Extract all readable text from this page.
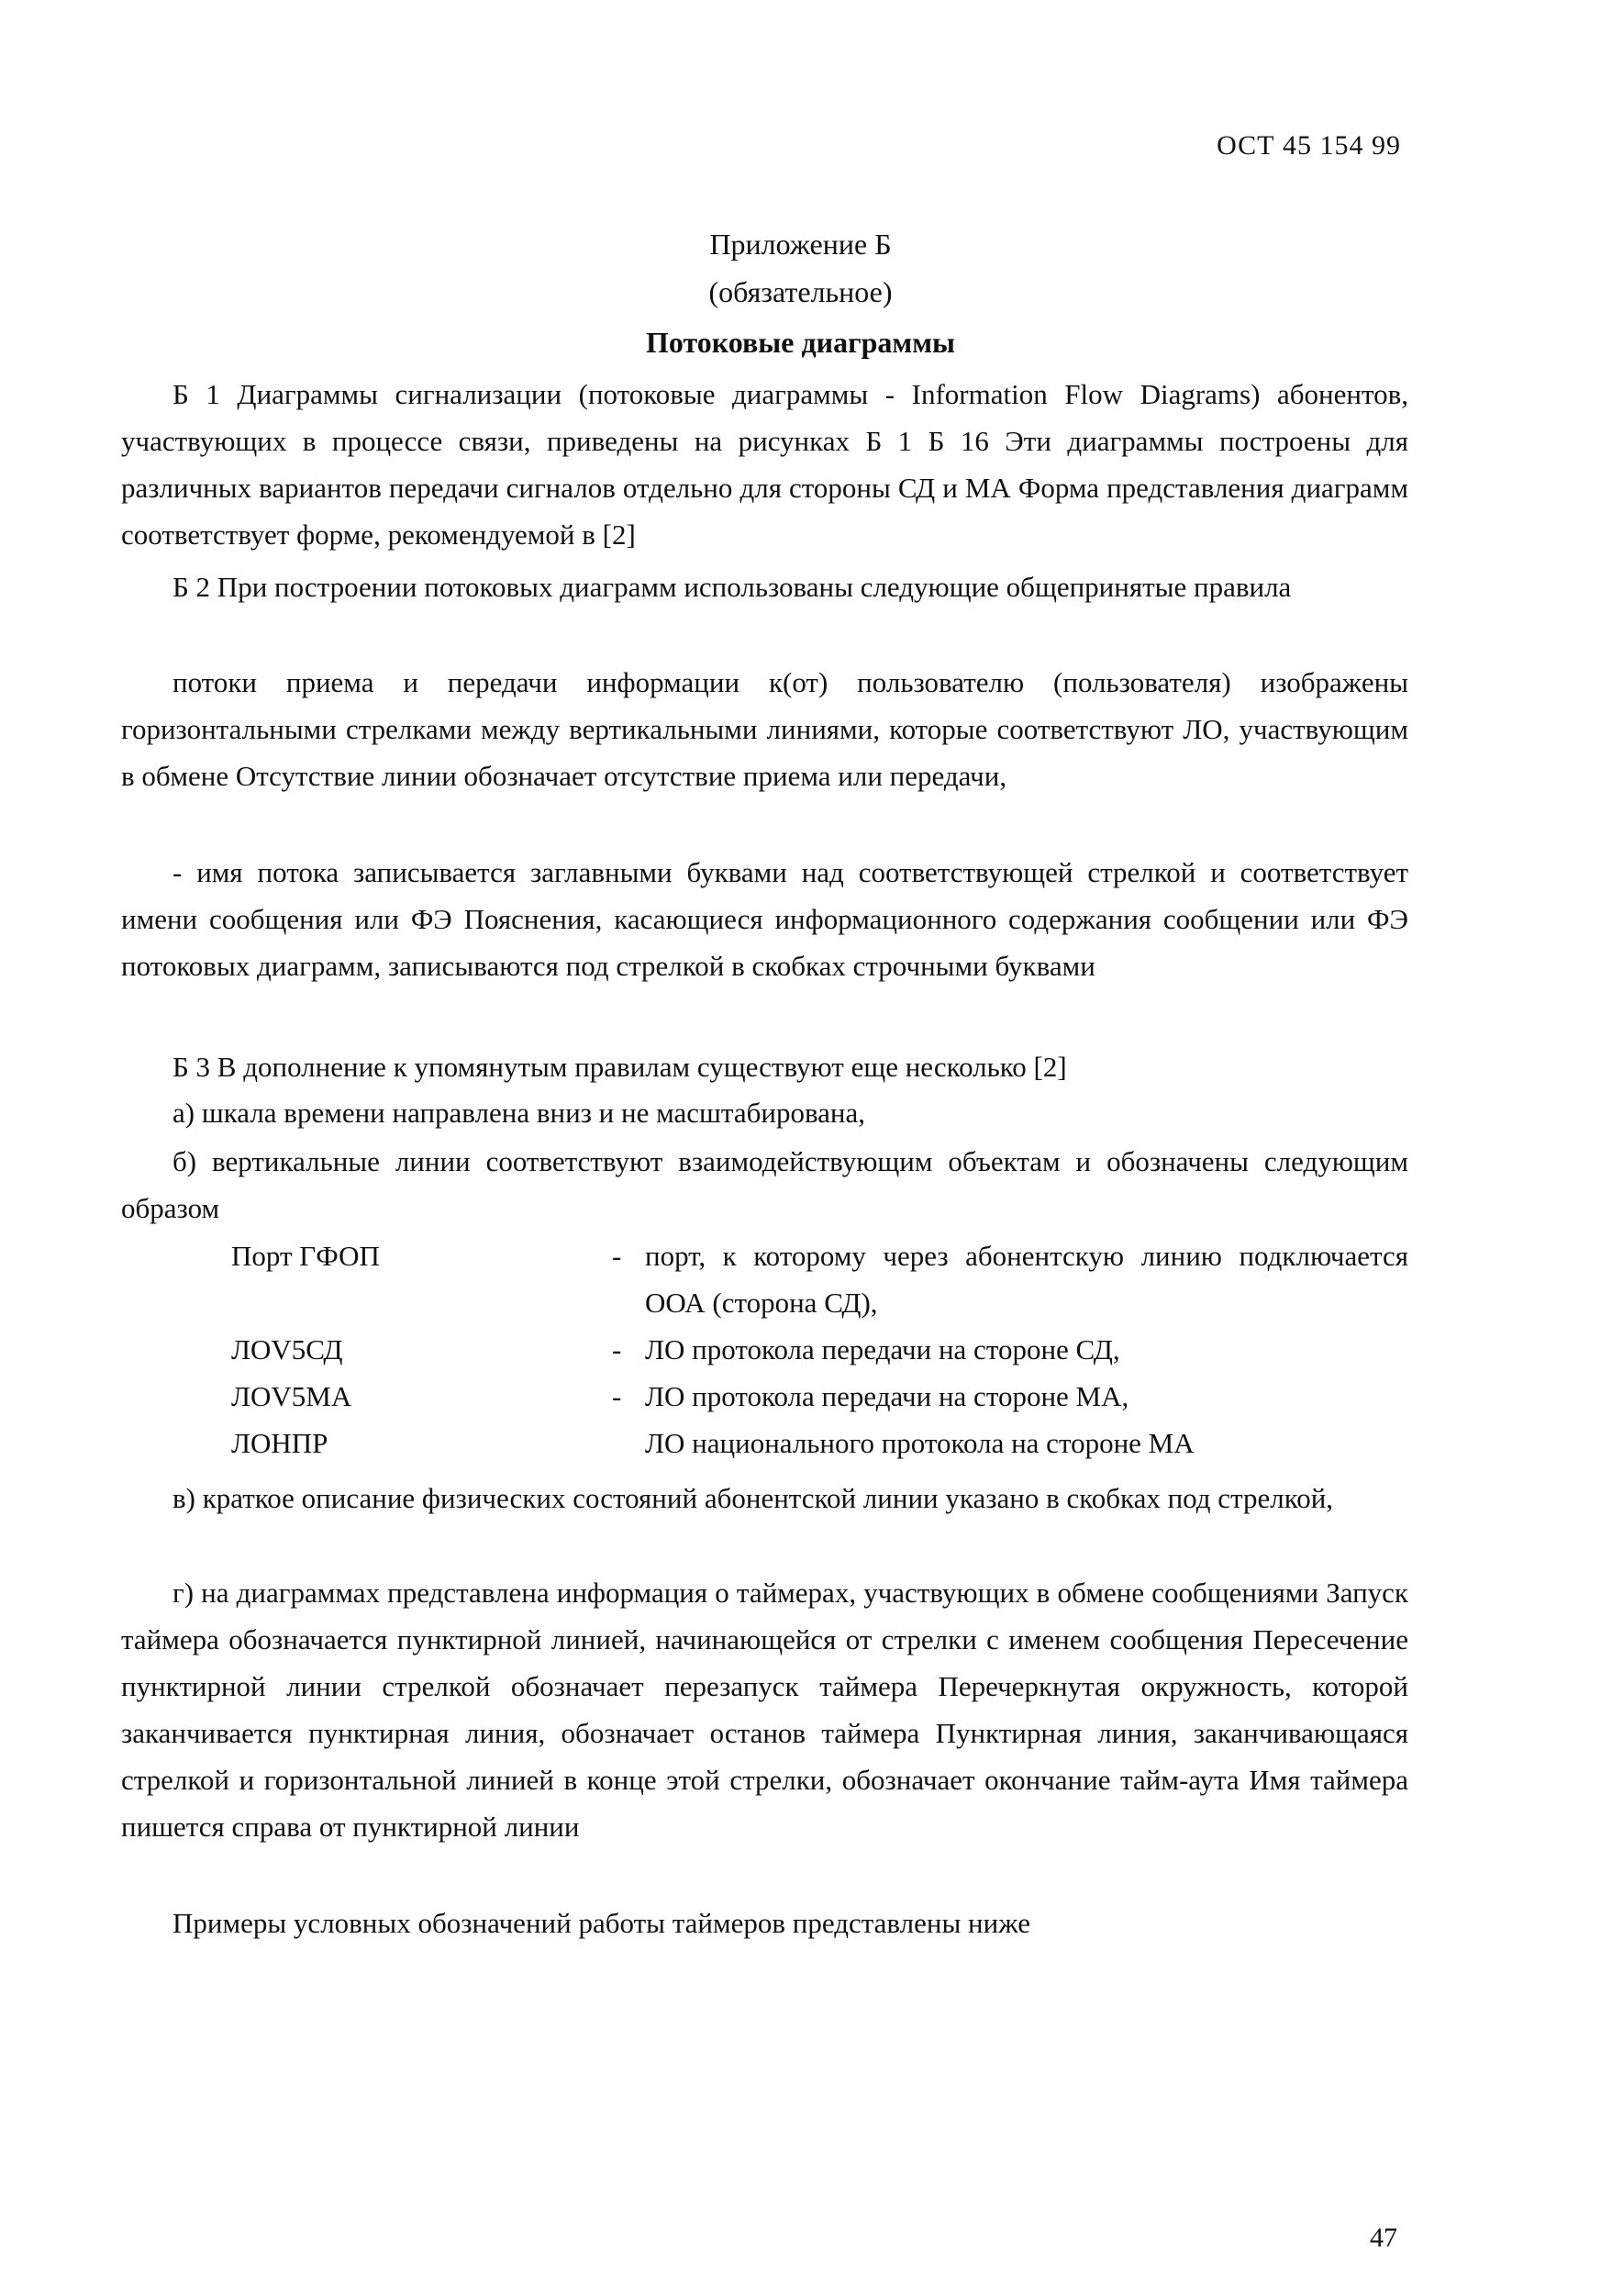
ОСТ 45 154 99
Приложение Б
(обязательное)
Потоковые диаграммы
Б 1 Диаграммы сигнализации (потоковые диаграммы - Information Flow Diagrams) абонентов, участвующих в процессе связи, приведены на рисунках Б 1 Б 16 Эти диаграммы построены для различных вариантов передачи сигналов отдельно для стороны СД и МА Форма представления диаграмм соответствует форме, рекомендуемой в [2]
Б 2 При построении потоковых диаграмм использованы следующие общепринятые правила
потоки приема и передачи информации к(от) пользователю (пользователя) изображены горизонтальными стрелками между вертикальными линиями, которые соответствуют ЛО, участвующим в обмене Отсутствие линии обозначает отсутствие приема или передачи,
- имя потока записывается заглавными буквами над соответствующей стрелкой и соответствует имени сообщения или ФЭ Пояснения, касающиеся информационного содержания сообщении или ФЭ потоковых диаграмм, записываются под стрелкой в скобках строчными буквами
Б 3 В дополнение к упомянутым правилам существуют еще несколько [2]
а) шкала времени направлена вниз и не масштабирована,
б) вертикальные линии соответствуют взаимодействующим объектам и обозначены следующим образом
Порт ГФОП	- порт, к которому через абонентскую линию подключается ООА (сторона СД),
ЛОV5СД	- ЛО протокола передачи на стороне СД,
ЛОV5МА	- ЛО протокола передачи на стороне МА,
ЛОНПР	ЛО национального протокола на стороне МА
в) краткое описание физических состояний абонентской линии указано в скобках под стрелкой,
г) на диаграммах представлена информация о таймерах, участвующих в обмене сообщениями Запуск таймера обозначается пунктирной линией, начинающейся от стрелки с именем сообщения Пересечение пунктирной линии стрелкой обозначает перезапуск таймера Перечеркнутая окружность, которой заканчивается пунктирная линия, обозначает останов таймера Пунктирная линия, заканчивающаяся стрелкой и горизонтальной линией в конце этой стрелки, обозначает окончание тайм-аута Имя таймера пишется справа от пунктирной линии
Примеры условных обозначений работы таймеров представлены ниже
47
